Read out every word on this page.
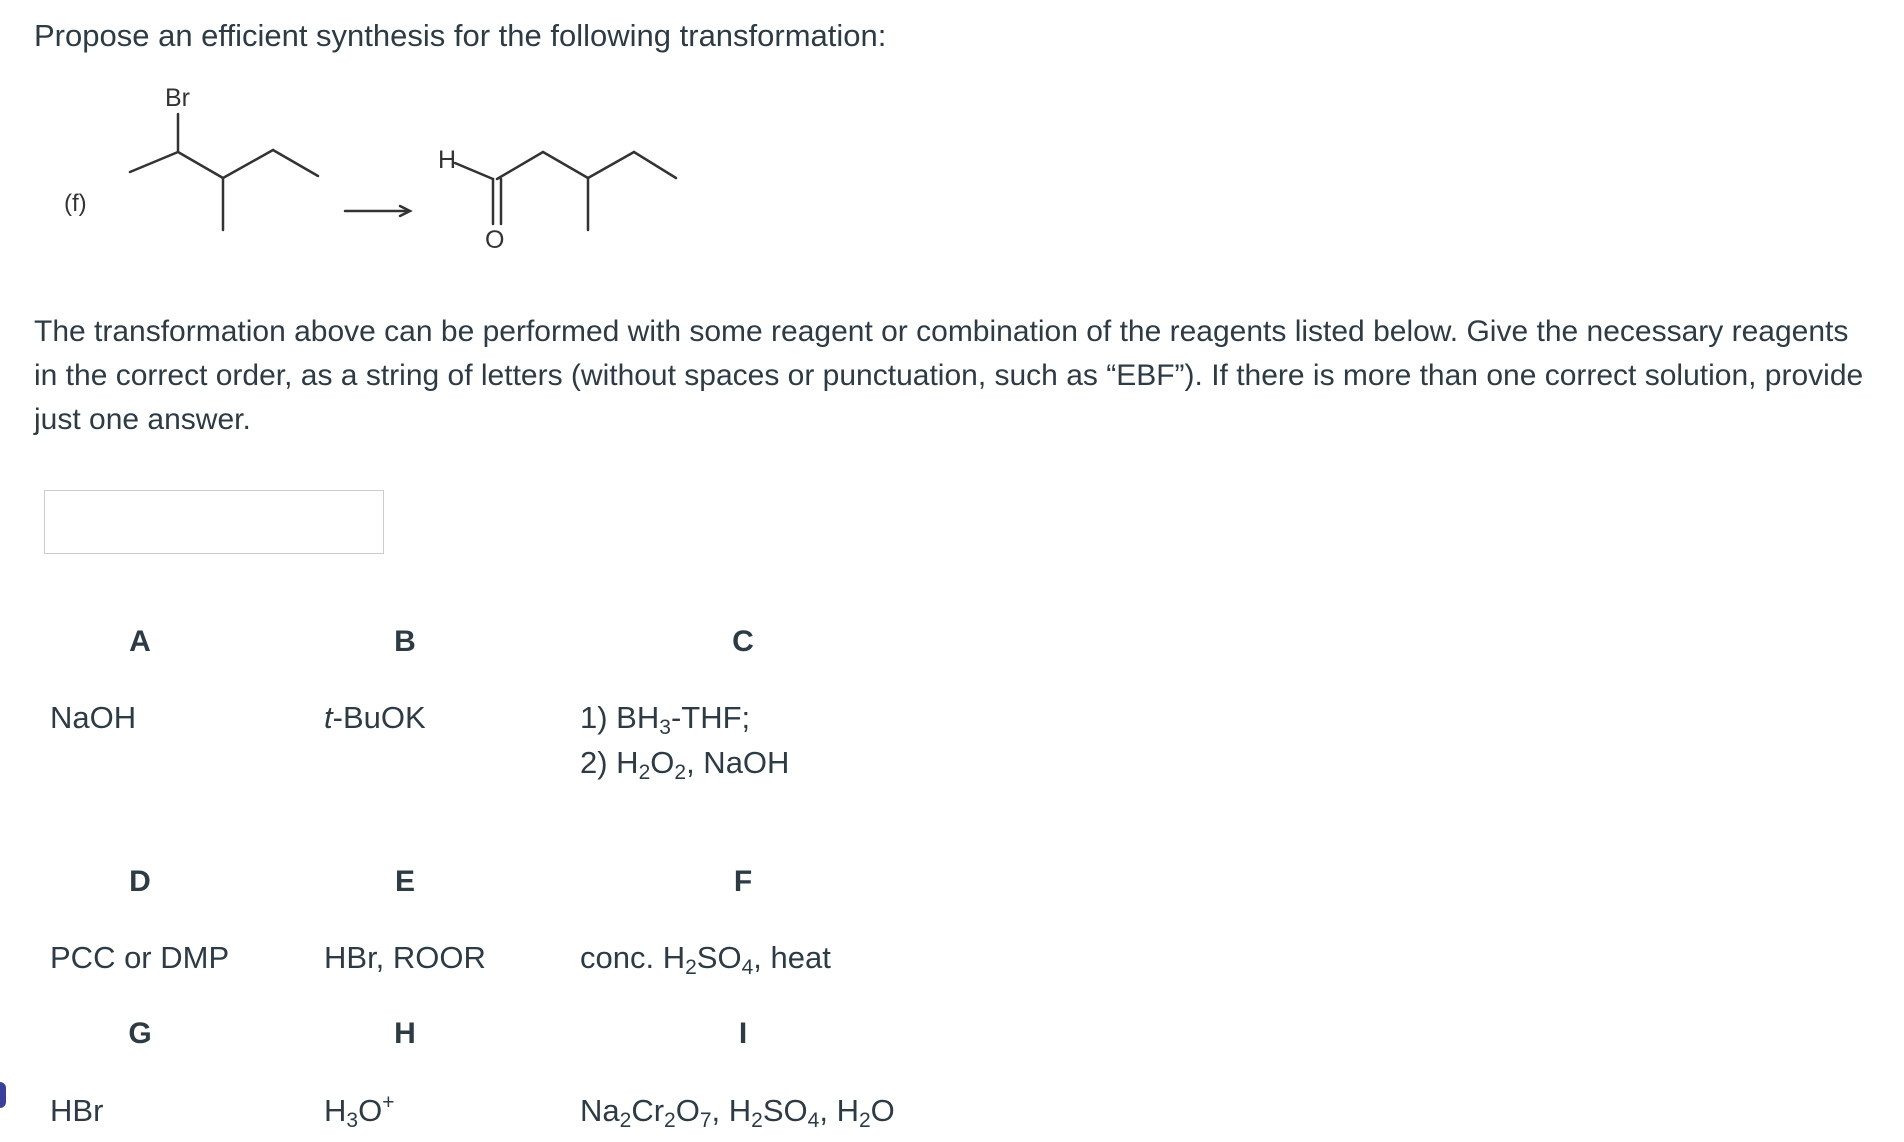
Propose an efficient synthesis for the following transformation:
(f)
Br
H
O

The transformation above can be performed with some reagent or combination of the reagents listed below. Give the necessary reagents in the correct order, as a string of letters (without spaces or punctuation, such as “EBF”). If there is more than one correct solution, provide just one answer.

A	B	C
NaOH	t-BuOK	1) $BH_3$-THF;
2) $H_2O_2$, NaOH
D	E	F
PCC or DMP	HBr, ROOR	conc. $H_2SO_4$, heat
G	H	I
HBr	$H_3O^+$	$Na_2Cr_2O_7$, $H_2SO_4$, $H_2O$
